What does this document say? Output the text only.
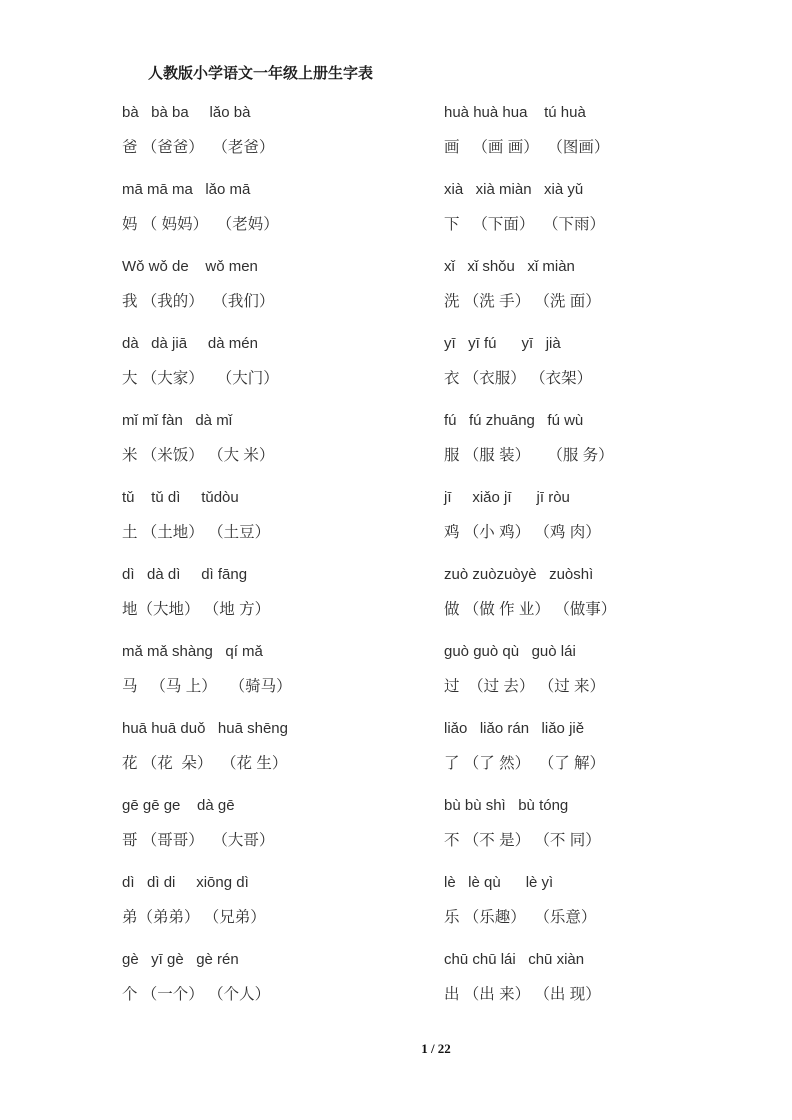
人教版小学语文一年级上册生字表
bà   bà ba     lǎo bà
爸 （爸爸）  （老爸）
mā mā ma   lǎo mā
妈 （ 妈妈）  （老妈）
Wǒ wǒ de    wǒ men
我 （我的）  （我们）
dà   dà jiā     dà mén
大 （大家）   （大门）
mǐ mǐ fàn   dà mǐ
米 （米饭） （大 米）
tǔ    tǔ dì     tǔdòu
土 （土地） （土豆）
dì   dà dì     dì fāng
地（大地） （地 方）
mǎ mǎ shàng   qí mǎ
马   （马 上）   （骑马）
huā huā duǒ   huā shēng
花 （花  朵）  （花 生）
gē gē ge    dà gē
哥 （哥哥）  （大哥）
dì   dì di     xiōng dì
弟（弟弟） （兄弟）
gè   yī gè   gè rén
个 （一个） （个人）
huà huà hua    tú huà
画   （画 画）  （图画）
xià   xià miàn   xià yǔ
下   （下面）  （下雨）
xǐ   xǐ shǒu   xǐ miàn
洗 （洗 手） （洗 面）
yī   yī fú      yī   jià
衣 （衣服） （衣架）
fú   fú zhuāng   fú wù
服 （服 装）    （服 务）
jī     xiǎo jī      jī ròu
鸡 （小 鸡） （鸡 肉）
zuò zuòzuòyè   zuòshì
做 （做 作 业） （做事）
guò guò qù   guò lái
过  （过 去） （过 来）
liǎo   liǎo rán   liǎo jiě
了 （了 然）  （了 解）
bù bù shì   bù tóng
不 （不 是） （不 同）
lè   lè qù      lè yì
乐 （乐趣）  （乐意）
chū chū lái   chū xiàn
出 （出 来） （出 现）
1 / 22
